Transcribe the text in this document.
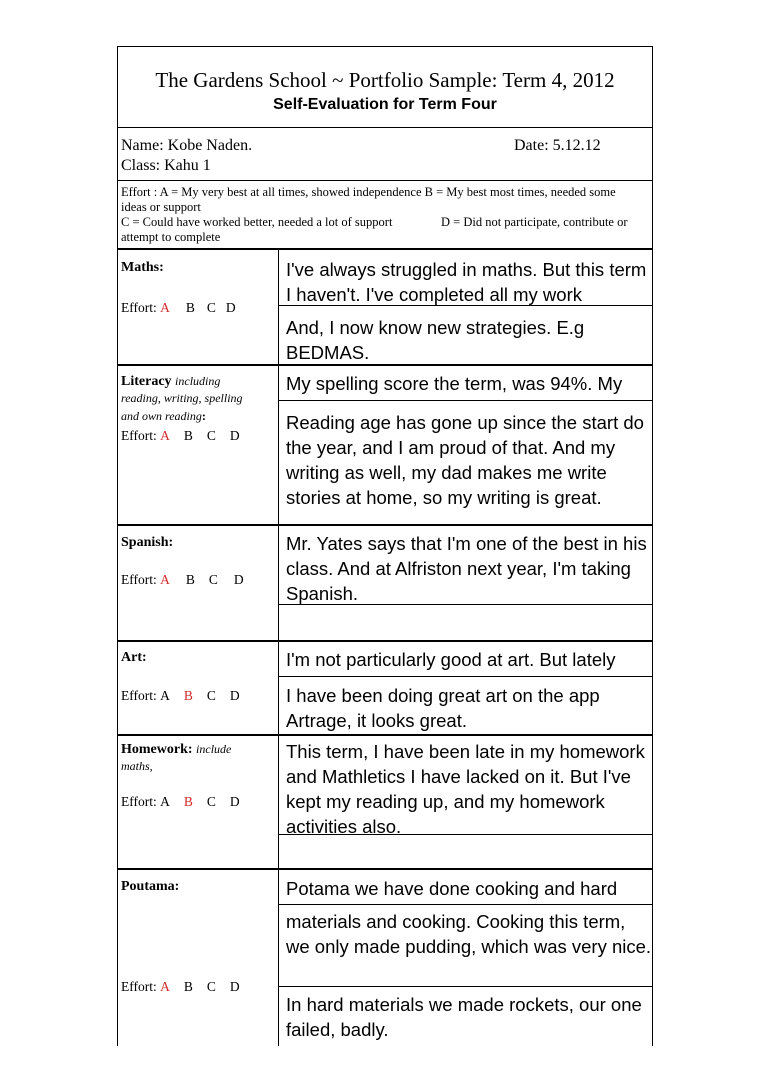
The Gardens School ~ Portfolio Sample: Term 4, 2012
Self-Evaluation for Term Four
Name: Kobe Naden.	Date: 5.12.12
Class: Kahu 1
Effort : A = My very best at all times, showed independence B = My best most times, needed some
ideas or support
C = Could have worked better, needed a lot of support	D = Did not participate, contribute or
attempt to complete
Maths:
Effort: A B C D
I've always struggled in maths. But this term I haven't. I've completed all my work
And, I now know new strategies. E.g BEDMAS.
Literacy including
reading, writing, spelling
and own reading:
Effort: A B C D
My spelling score the term, was 94%. My
Reading age has gone up since the start do the year, and I am proud of that. And my writing as well, my dad makes me write stories at home, so my writing is great.
Spanish:
Effort: A B C D
Mr. Yates says that I'm one of the best in his class. And at Alfriston next year, I'm taking Spanish.
Art:
Effort: A B C D
I'm not particularly good at art. But lately
I have been doing great art on the app Artrage, it looks great.
Homework: include
maths,
Effort: A B C D
This term, I have been late in my homework and Mathletics I have lacked on it. But I've kept my reading up, and my homework activities also.
Poutama:
Effort: A B C D
Potama we have done cooking and hard
materials and cooking. Cooking this term, we only made pudding, which was very nice.
In hard materials we made rockets, our one failed, badly.
